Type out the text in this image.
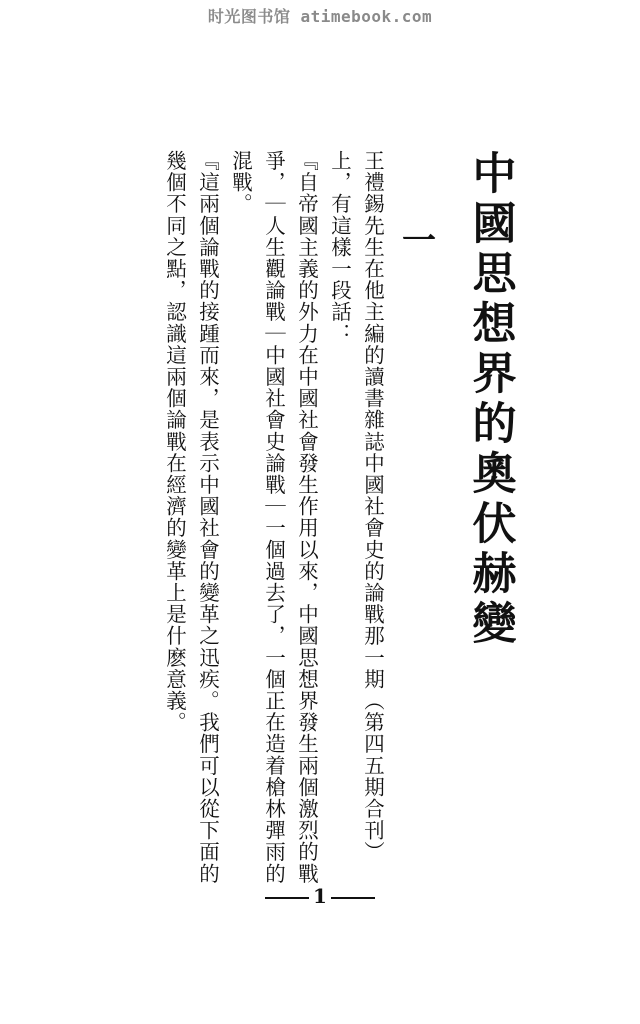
时光图书馆 atimebook.com
中國思想界的奧伏赫變
一

王禮錫先生在他主編的讀書雜誌中國社會史的論戰那一期（第四五期合刊）上，有這樣一段話：

『自帝國主義的外力在中國社會發生作用以來，中國思想界發生兩個激烈的戰爭，｜人生觀論戰｜中國社會史論戰｜一個過去了，一個正在造着槍林彈雨的混戰。

『這兩個論戰的接踵而來，是表示中國社會的變革之迅疾。我們可以從下面的幾個不同之點，認識這兩個論戰在經濟的變革上是什麽意義。

1
